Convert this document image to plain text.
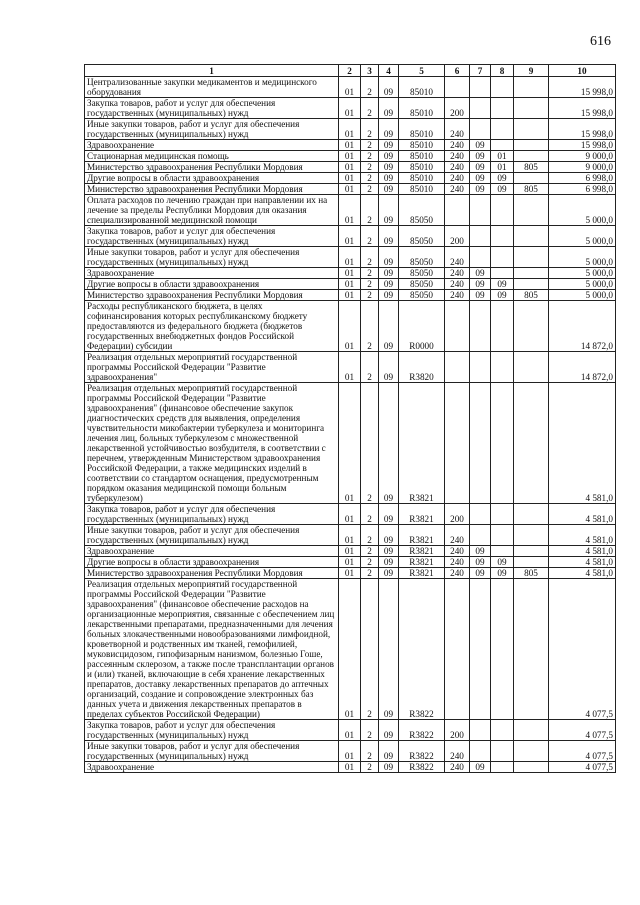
616
1	2	3	4	5	6	7	8	9	10
Централизованные закупки медикаментов и медицинского оборудования	01	2	09	85010					15 998,0
Закупка товаров, работ и услуг для обеспечения государственных (муниципальных) нужд	01	2	09	85010	200				15 998,0
Иные закупки товаров, работ и услуг для обеспечения государственных (муниципальных) нужд	01	2	09	85010	240				15 998,0
Здравоохранение	01	2	09	85010	240	09			15 998,0
Стационарная медицинская помощь	01	2	09	85010	240	09	01		9 000,0
Министерство здравоохранения Республики Мордовия	01	2	09	85010	240	09	01	805	9 000,0
Другие вопросы в области здравоохранения	01	2	09	85010	240	09	09		6 998,0
Министерство здравоохранения Республики Мордовия	01	2	09	85010	240	09	09	805	6 998,0
Оплата расходов по лечению граждан при направлении их на лечение за пределы Республики Мордовия для оказания специализированной медицинской помощи	01	2	09	85050					5 000,0
Закупка товаров, работ и услуг для обеспечения государственных (муниципальных) нужд	01	2	09	85050	200				5 000,0
Иные закупки товаров, работ и услуг для обеспечения государственных (муниципальных) нужд	01	2	09	85050	240				5 000,0
Здравоохранение	01	2	09	85050	240	09			5 000,0
Другие вопросы в области здравоохранения	01	2	09	85050	240	09	09		5 000,0
Министерство здравоохранения Республики Мордовия	01	2	09	85050	240	09	09	805	5 000,0
Расходы республиканского бюджета, в целях софинансирования которых республиканскому бюджету предоставляются из федерального бюджета (бюджетов государственных внебюджетных фондов Российской Федерации) субсидии	01	2	09	R0000					14 872,0
Реализация отдельных мероприятий государственной программы Российской Федерации "Развитие здравоохранения"	01	2	09	R3820					14 872,0
Реализация отдельных мероприятий государственной программы Российской Федерации "Развитие здравоохранения" (финансовое обеспечение закупок диагностических средств для выявления, определения чувствительности микобактерии туберкулеза и мониторинга лечения лиц, больных туберкулезом с множественной лекарственной устойчивостью возбудителя, в соответствии с перечнем, утвержденным Министерством здравоохранения Российской Федерации, а также медицинских изделий в соответствии со стандартом оснащения, предусмотренным порядком оказания медицинской помощи больным туберкулезом)	01	2	09	R3821					4 581,0
Закупка товаров, работ и услуг для обеспечения государственных (муниципальных) нужд	01	2	09	R3821	200				4 581,0
Иные закупки товаров, работ и услуг для обеспечения государственных (муниципальных) нужд	01	2	09	R3821	240				4 581,0
Здравоохранение	01	2	09	R3821	240	09			4 581,0
Другие вопросы в области здравоохранения	01	2	09	R3821	240	09	09		4 581,0
Министерство здравоохранения Республики Мордовия	01	2	09	R3821	240	09	09	805	4 581,0
Реализация отдельных мероприятий государственной программы Российской Федерации "Развитие здравоохранения" (финансовое обеспечение расходов на организационные мероприятия, связанные с обеспечением лиц лекарственными препаратами, предназначенными для лечения больных злокачественными новообразованиями лимфоидной, кроветворной и родственных им тканей, гемофилией, муковисцидозом, гипофизарным нанизмом, болезнью Гоше, рассеянным склерозом, а также после трансплантации органов и (или) тканей, включающие в себя хранение лекарственных препаратов, доставку лекарственных препаратов до аптечных организаций, создание и сопровождение электронных баз данных учета и движения лекарственных препаратов в пределах субъектов Российской Федерации)	01	2	09	R3822					4 077,5
Закупка товаров, работ и услуг для обеспечения государственных (муниципальных) нужд	01	2	09	R3822	200				4 077,5
Иные закупки товаров, работ и услуг для обеспечения государственных (муниципальных) нужд	01	2	09	R3822	240				4 077,5
Здравоохранение	01	2	09	R3822	240	09			4 077,5
